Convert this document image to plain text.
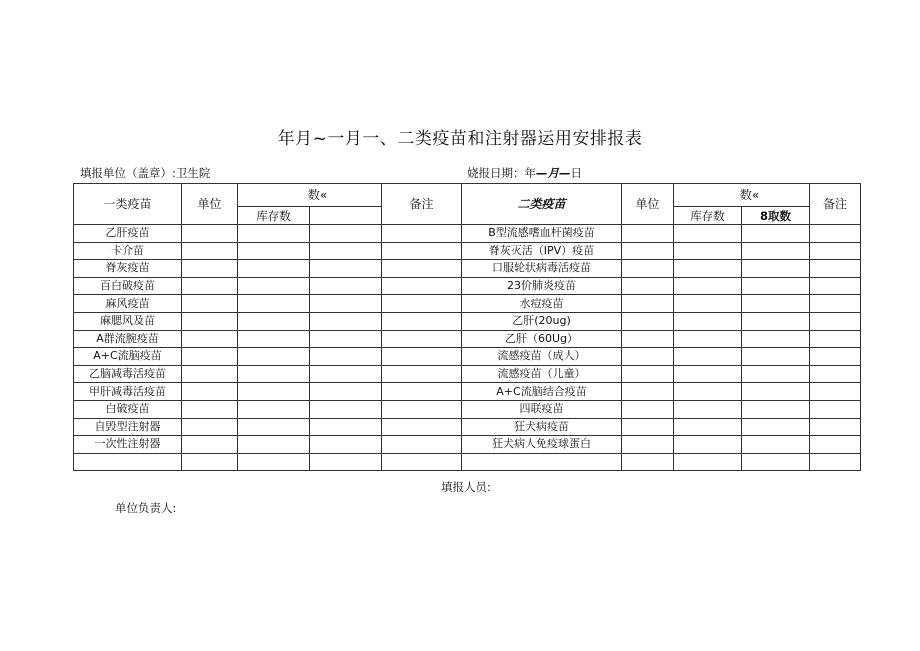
年月~一月一、二类疫苗和注射器运用安排报表
填报单位（盖章）:卫生院	娆报日期：年—月—日
一类疫苗	单位	数«		备注	二类疫苗	单位	数«		备注
		库存数					库存数	8取数	
乙肝疫苗					B型流感嗜血杆菌疫苗				
卡介苗					脊灰灭活（IPV）疫苗				
脊灰疫苗					口服轮状病毒活疫苗				
百白破疫苗					23价肺炎疫苗				
麻风疫苗					水痘疫苗				
麻腮风及苗					乙肝(20ug)				
A群流腕疫苗					乙肝（60Ug）				
A+C流脑疫苗					流感疫苗（成人）				
乙脑减毒活疫苗					流感疫苗（儿童）				
甲肝减毒活疫苗					A+C流脑结合疫苗				
白破疫苗					四联疫苗				
自毁型注射器					狂犬病疫苗				
一次性注射器					狂犬病人免疫球蛋白				

填报人员:
单位负责人:
